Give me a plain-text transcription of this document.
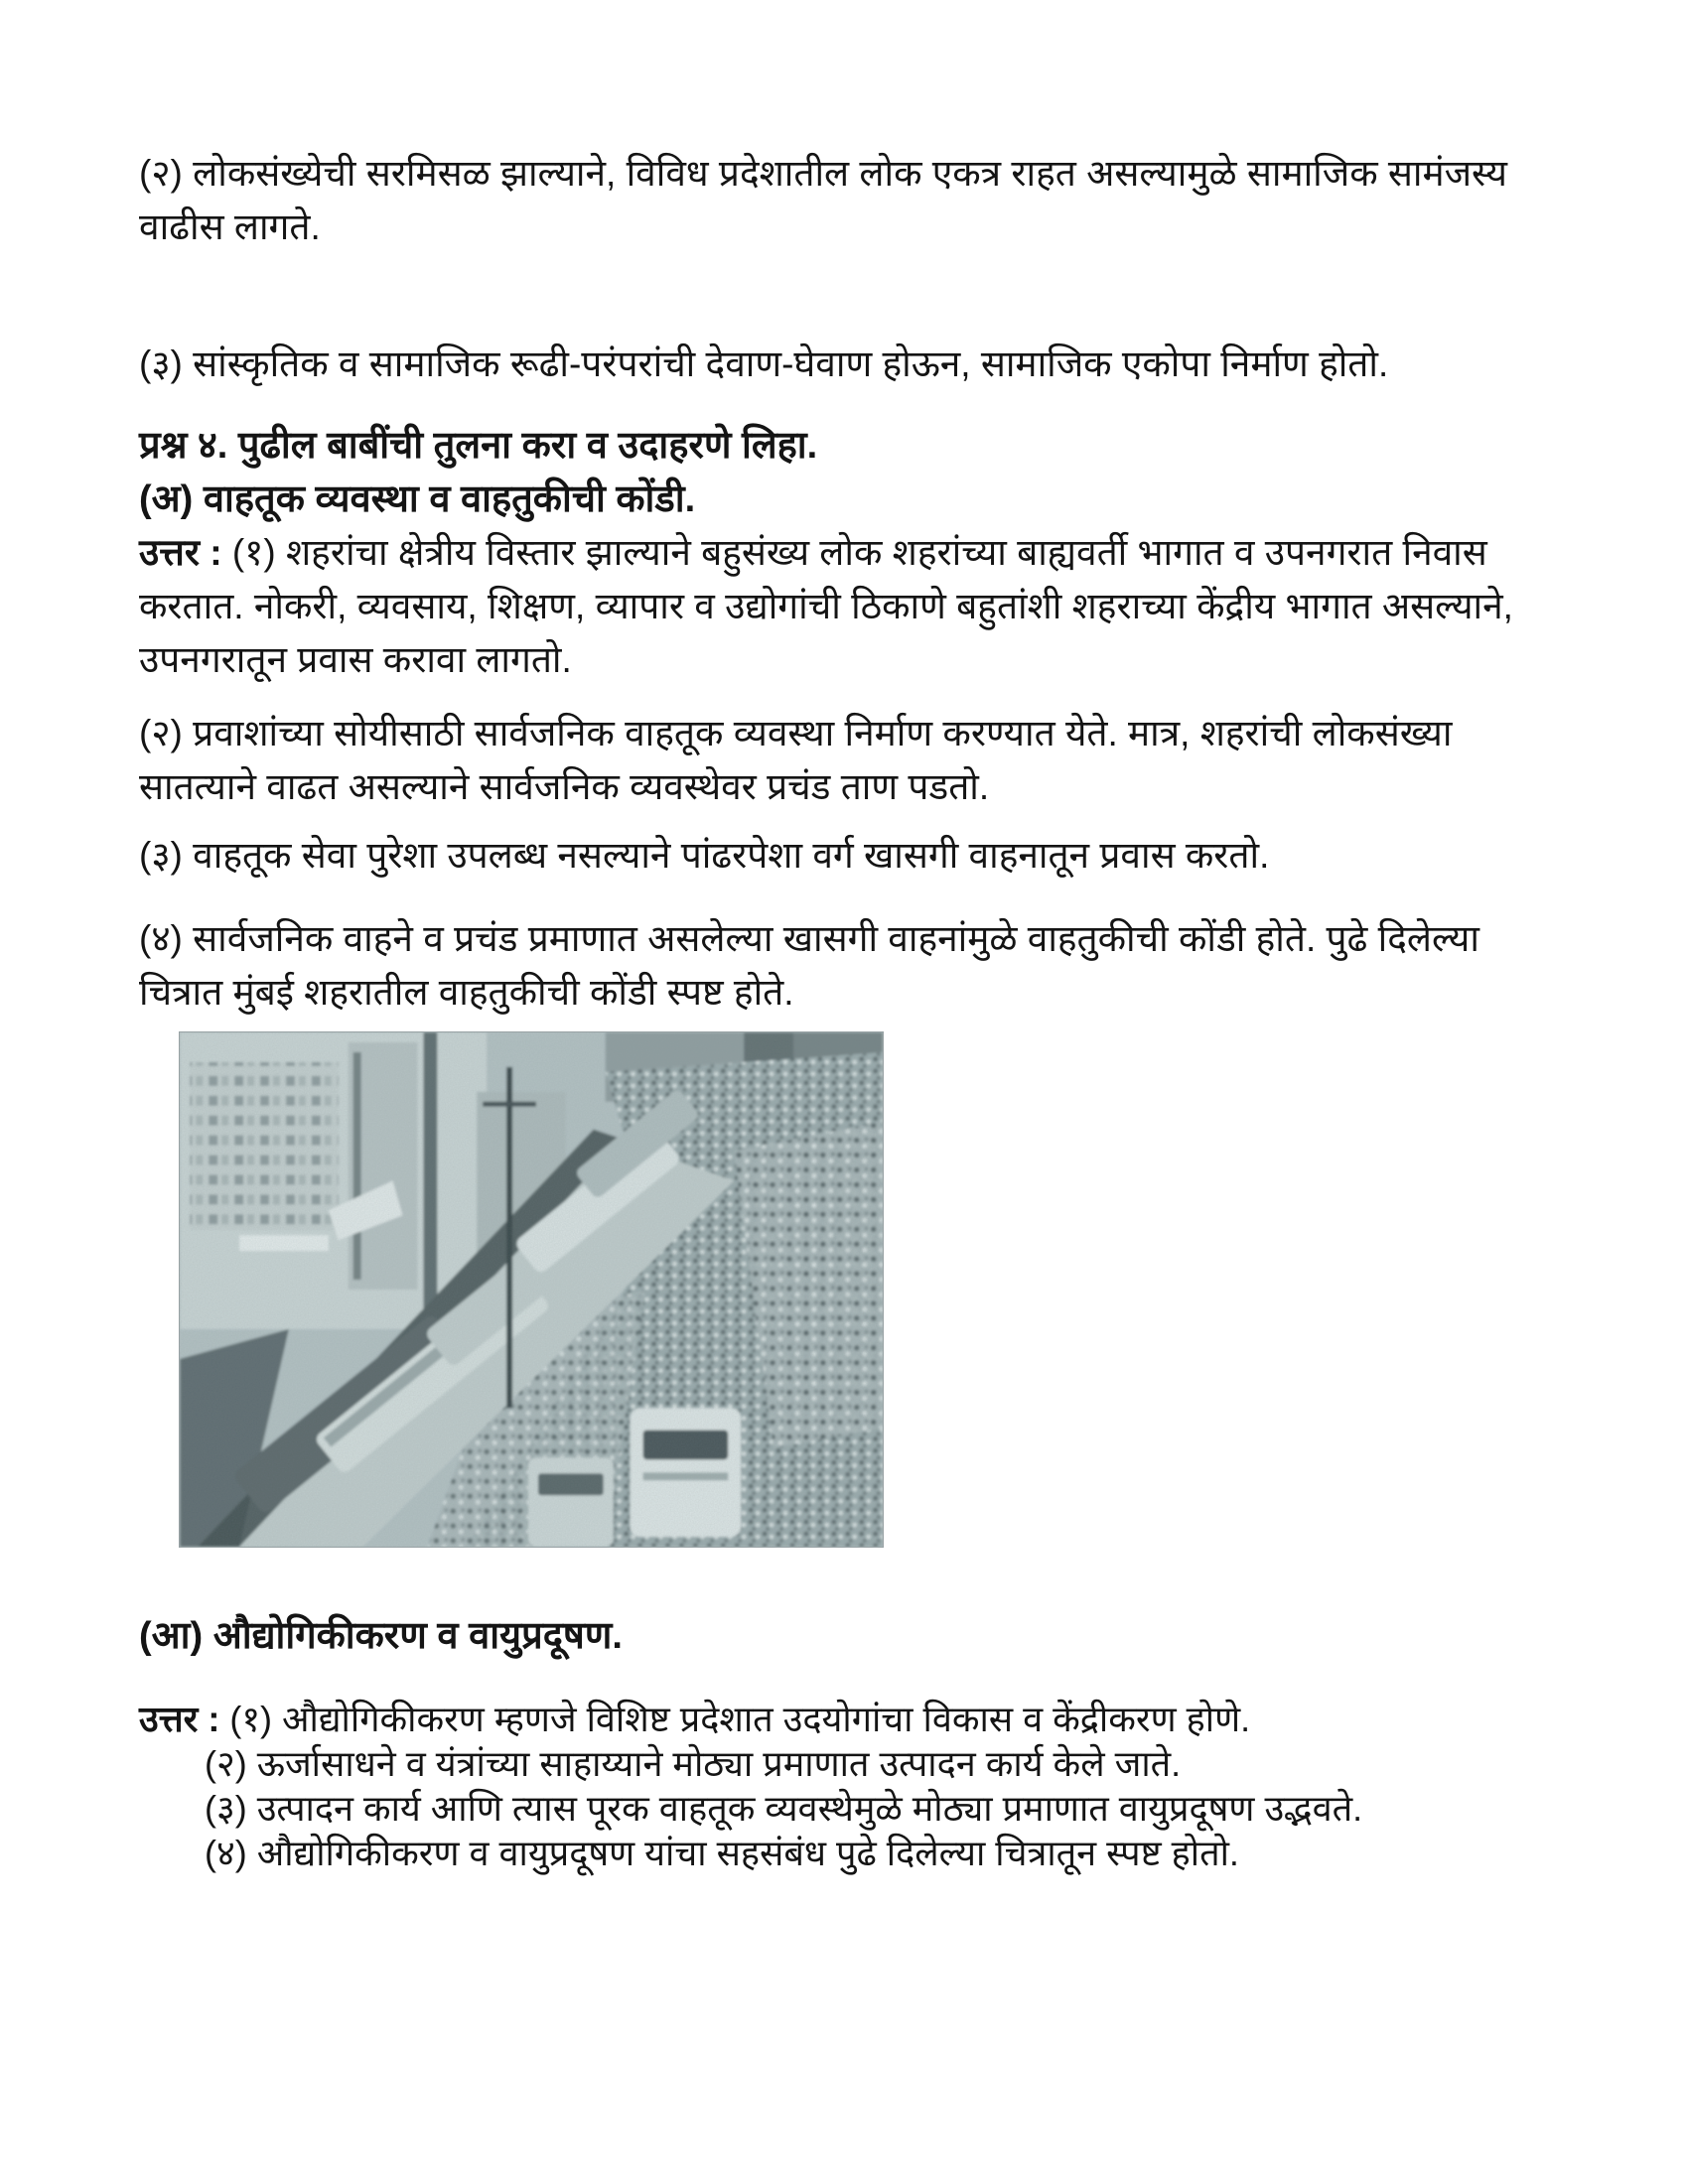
(२) लोकसंख्येची सरमिसळ झाल्याने, विविध प्रदेशातील लोक एकत्र राहत असल्यामुळे सामाजिक सामंजस्य वाढीस लागते.

(३) सांस्कृतिक व सामाजिक रूढी-परंपरांची देवाण-घेवाण होऊन, सामाजिक एकोपा निर्माण होतो.

प्रश्न ४. पुढील बाबींची तुलना करा व उदाहरणे लिहा.
(अ) वाहतूक व्यवस्था व वाहतुकीची कोंडी.

उत्तर : (१) शहरांचा क्षेत्रीय विस्तार झाल्याने बहुसंख्य लोक शहरांच्या बाह्यवर्ती भागात व उपनगरात निवास करतात. नोकरी, व्यवसाय, शिक्षण, व्यापार व उद्योगांची ठिकाणे बहुतांशी शहराच्या केंद्रीय भागात असल्याने, उपनगरातून प्रवास करावा लागतो.

(२) प्रवाशांच्या सोयीसाठी सार्वजनिक वाहतूक व्यवस्था निर्माण करण्यात येते. मात्र, शहरांची लोकसंख्या सातत्याने वाढत असल्याने सार्वजनिक व्यवस्थेवर प्रचंड ताण पडतो.

(३) वाहतूक सेवा पुरेशा उपलब्ध नसल्याने पांढरपेशा वर्ग खासगी वाहनातून प्रवास करतो.

(४) सार्वजनिक वाहने व प्रचंड प्रमाणात असलेल्या खासगी वाहनांमुळे वाहतुकीची कोंडी होते. पुढे दिलेल्या चित्रात मुंबई शहरातील वाहतुकीची कोंडी स्पष्ट होते.

(आ) औद्योगिकीकरण व वायुप्रदूषण.

उत्तर : (१) औद्योगिकीकरण म्हणजे विशिष्ट प्रदेशात उदयोगांचा विकास व केंद्रीकरण होणे.

(२) ऊर्जासाधने व यंत्रांच्या साहाय्याने मोठ्या प्रमाणात उत्पादन कार्य केले जाते.

(३) उत्पादन कार्य आणि त्यास पूरक वाहतूक व्यवस्थेमुळे मोठ्या प्रमाणात वायुप्रदूषण उद्भवते.

(४) औद्योगिकीकरण व वायुप्रदूषण यांचा सहसंबंध पुढे दिलेल्या चित्रातून स्पष्ट होतो.
